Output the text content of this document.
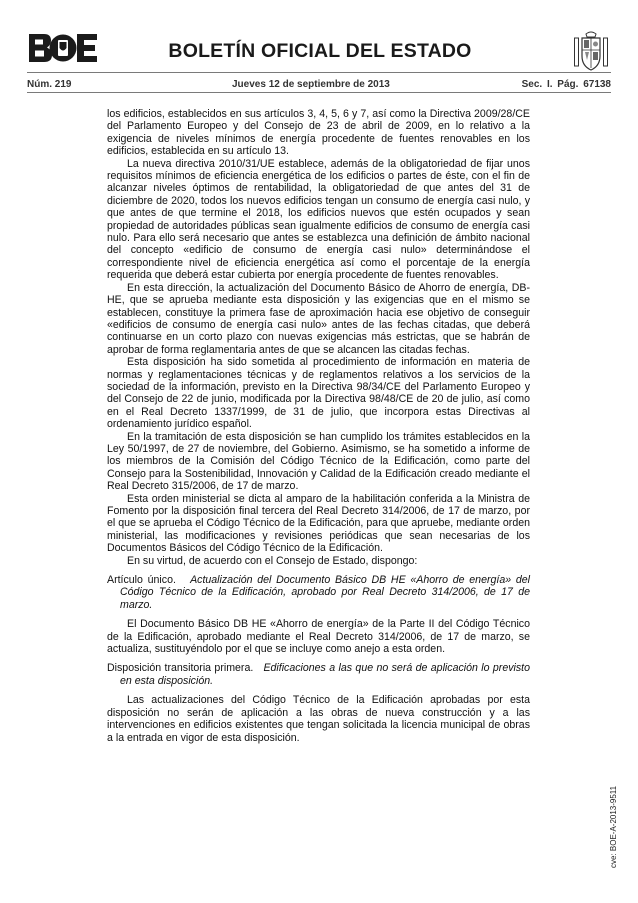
BOLETÍN OFICIAL DEL ESTADO
Núm. 219	Jueves 12 de septiembre de 2013	Sec. I. Pág. 67138

los edificios, establecidos en sus artículos 3, 4, 5, 6 y 7, así como la Directiva 2009/28/CE del Parlamento Europeo y del Consejo de 23 de abril de 2009, en lo relativo a la exigencia de niveles mínimos de energía procedente de fuentes renovables en los edificios, establecida en su artículo 13.

La nueva directiva 2010/31/UE establece, además de la obligatoriedad de fijar unos requisitos mínimos de eficiencia energética de los edificios o partes de éste, con el fin de alcanzar niveles óptimos de rentabilidad, la obligatoriedad de que antes del 31 de diciembre de 2020, todos los nuevos edificios tengan un consumo de energía casi nulo, y que antes de que termine el 2018, los edificios nuevos que estén ocupados y sean propiedad de autoridades públicas sean igualmente edificios de consumo de energía casi nulo. Para ello será necesario que antes se establezca una definición de ámbito nacional del concepto «edificio de consumo de energía casi nulo» determinándose el correspondiente nivel de eficiencia energética así como el porcentaje de la energía requerida que deberá estar cubierta por energía procedente de fuentes renovables.

En esta dirección, la actualización del Documento Básico de Ahorro de energía, DB-HE, que se aprueba mediante esta disposición y las exigencias que en el mismo se establecen, constituye la primera fase de aproximación hacia ese objetivo de conseguir «edificios de consumo de energía casi nulo» antes de las fechas citadas, que deberá continuarse en un corto plazo con nuevas exigencias más estrictas, que se habrán de aprobar de forma reglamentaria antes de que se alcancen las citadas fechas.

Esta disposición ha sido sometida al procedimiento de información en materia de normas y reglamentaciones técnicas y de reglamentos relativos a los servicios de la sociedad de la información, previsto en la Directiva 98/34/CE del Parlamento Europeo y del Consejo de 22 de junio, modificada por la Directiva 98/48/CE de 20 de julio, así como en el Real Decreto 1337/1999, de 31 de julio, que incorpora estas Directivas al ordenamiento jurídico español.

En la tramitación de esta disposición se han cumplido los trámites establecidos en la Ley 50/1997, de 27 de noviembre, del Gobierno. Asimismo, se ha sometido a informe de los miembros de la Comisión del Código Técnico de la Edificación, como parte del Consejo para la Sostenibilidad, Innovación y Calidad de la Edificación creado mediante el Real Decreto 315/2006, de 17 de marzo.

Esta orden ministerial se dicta al amparo de la habilitación conferida a la Ministra de Fomento por la disposición final tercera del Real Decreto 314/2006, de 17 de marzo, por el que se aprueba el Código Técnico de la Edificación, para que apruebe, mediante orden ministerial, las modificaciones y revisiones periódicas que sean necesarias de los Documentos Básicos del Código Técnico de la Edificación.

En su virtud, de acuerdo con el Consejo de Estado, dispongo:

Artículo único. Actualización del Documento Básico DB HE «Ahorro de energía» del Código Técnico de la Edificación, aprobado por Real Decreto 314/2006, de 17 de marzo.

El Documento Básico DB HE «Ahorro de energía» de la Parte II del Código Técnico de la Edificación, aprobado mediante el Real Decreto 314/2006, de 17 de marzo, se actualiza, sustituyéndolo por el que se incluye como anejo a esta orden.

Disposición transitoria primera. Edificaciones a las que no será de aplicación lo previsto en esta disposición.

Las actualizaciones del Código Técnico de la Edificación aprobadas por esta disposición no serán de aplicación a las obras de nueva construcción y a las intervenciones en edificios existentes que tengan solicitada la licencia municipal de obras a la entrada en vigor de esta disposición.

cve: BOE-A-2013-9511
